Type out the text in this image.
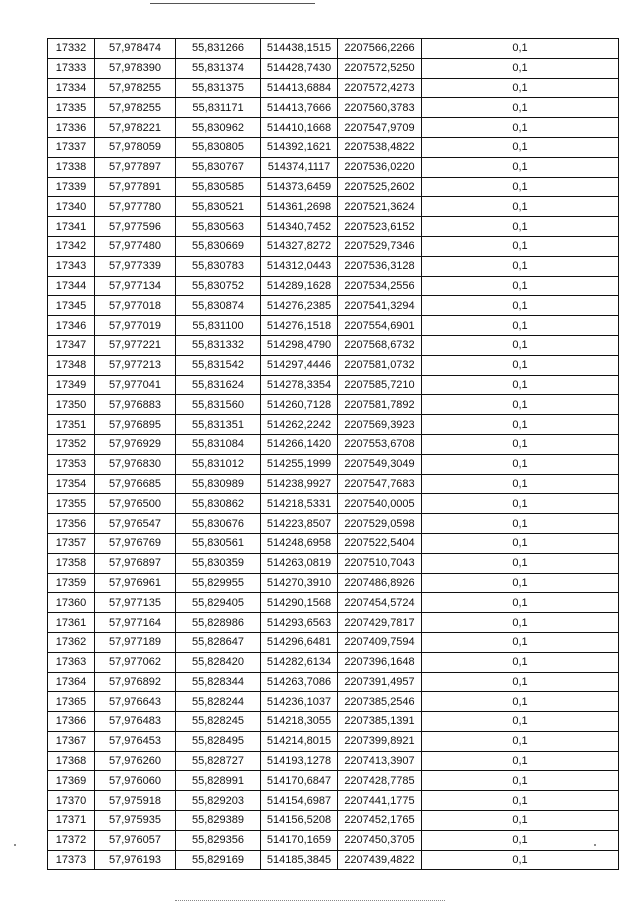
17332	57,978474	55,831266	514438,1515	2207566,2266	0,1
17333	57,978390	55,831374	514428,7430	2207572,5250	0,1
17334	57,978255	55,831375	514413,6884	2207572,4273	0,1
17335	57,978255	55,831171	514413,7666	2207560,3783	0,1
17336	57,978221	55,830962	514410,1668	2207547,9709	0,1
17337	57,978059	55,830805	514392,1621	2207538,4822	0,1
17338	57,977897	55,830767	514374,1117	2207536,0220	0,1
17339	57,977891	55,830585	514373,6459	2207525,2602	0,1
17340	57,977780	55,830521	514361,2698	2207521,3624	0,1
17341	57,977596	55,830563	514340,7452	2207523,6152	0,1
17342	57,977480	55,830669	514327,8272	2207529,7346	0,1
17343	57,977339	55,830783	514312,0443	2207536,3128	0,1
17344	57,977134	55,830752	514289,1628	2207534,2556	0,1
17345	57,977018	55,830874	514276,2385	2207541,3294	0,1
17346	57,977019	55,831100	514276,1518	2207554,6901	0,1
17347	57,977221	55,831332	514298,4790	2207568,6732	0,1
17348	57,977213	55,831542	514297,4446	2207581,0732	0,1
17349	57,977041	55,831624	514278,3354	2207585,7210	0,1
17350	57,976883	55,831560	514260,7128	2207581,7892	0,1
17351	57,976895	55,831351	514262,2242	2207569,3923	0,1
17352	57,976929	55,831084	514266,1420	2207553,6708	0,1
17353	57,976830	55,831012	514255,1999	2207549,3049	0,1
17354	57,976685	55,830989	514238,9927	2207547,7683	0,1
17355	57,976500	55,830862	514218,5331	2207540,0005	0,1
17356	57,976547	55,830676	514223,8507	2207529,0598	0,1
17357	57,976769	55,830561	514248,6958	2207522,5404	0,1
17358	57,976897	55,830359	514263,0819	2207510,7043	0,1
17359	57,976961	55,829955	514270,3910	2207486,8926	0,1
17360	57,977135	55,829405	514290,1568	2207454,5724	0,1
17361	57,977164	55,828986	514293,6563	2207429,7817	0,1
17362	57,977189	55,828647	514296,6481	2207409,7594	0,1
17363	57,977062	55,828420	514282,6134	2207396,1648	0,1
17364	57,976892	55,828344	514263,7086	2207391,4957	0,1
17365	57,976643	55,828244	514236,1037	2207385,2546	0,1
17366	57,976483	55,828245	514218,3055	2207385,1391	0,1
17367	57,976453	55,828495	514214,8015	2207399,8921	0,1
17368	57,976260	55,828727	514193,1278	2207413,3907	0,1
17369	57,976060	55,828991	514170,6847	2207428,7785	0,1
17370	57,975918	55,829203	514154,6987	2207441,1775	0,1
17371	57,975935	55,829389	514156,5208	2207452,1765	0,1
17372	57,976057	55,829356	514170,1659	2207450,3705	0,1
17373	57,976193	55,829169	514185,3845	2207439,4822	0,1
